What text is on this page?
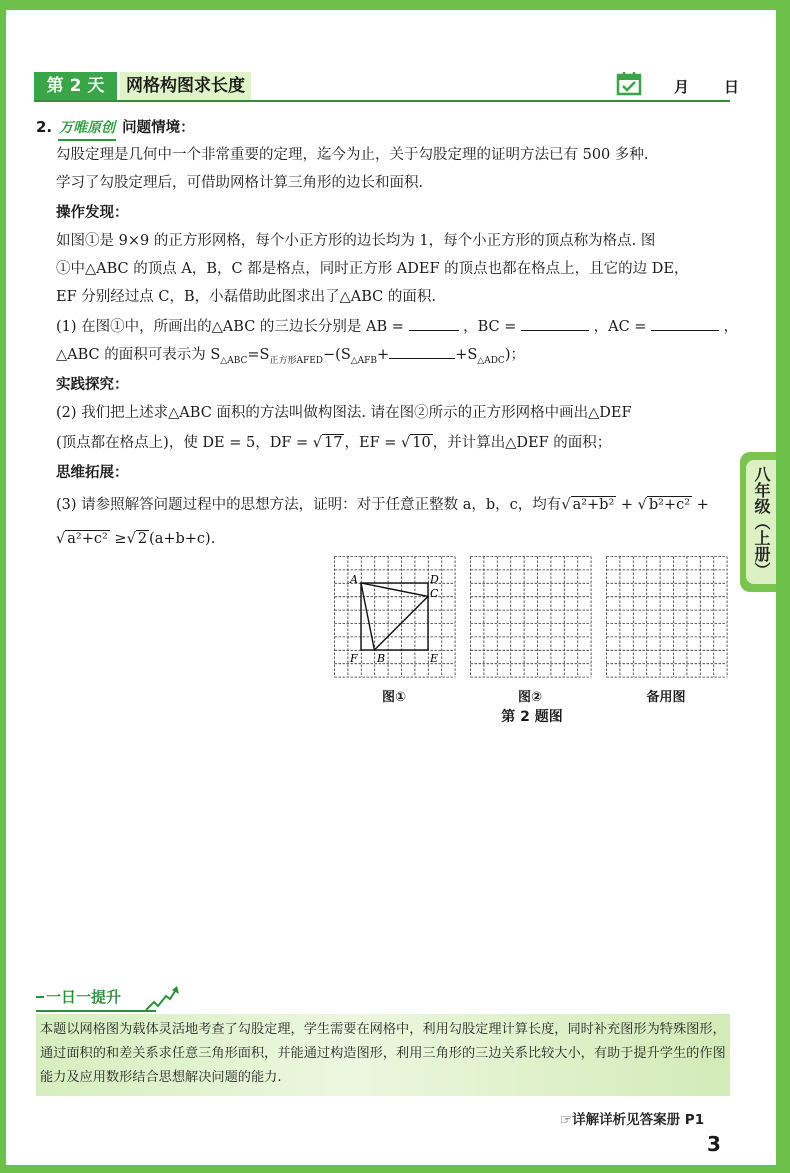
第 2 天	网格构图求长度	月 日
2. 万唯原创 问题情境：
勾股定理是几何中一个非常重要的定理，迄今为止，关于勾股定理的证明方法已有 500 多种.
学习了勾股定理后，可借助网格计算三角形的边长和面积.
操作发现：
如图①是 9×9 的正方形网格，每个小正方形的边长均为 1，每个小正方形的顶点称为格点. 图
①中△ABC 的顶点 A，B，C 都是格点，同时正方形 ADEF 的顶点也都在格点上，且它的边 DE，
EF 分别经过点 C，B，小磊借助此图求出了△ABC 的面积.
(1) 在图①中，所画出的△ABC 的三边长分别是 AB =	，BC =	，AC =	，
△ABC 的面积可表示为 $S_{\triangle ABC}=S_{正方形AFED}-(S_{\triangle AFB}+$	$+S_{\triangle ADC}$)；
实践探究：
(2) 我们把上述求△ABC 面积的方法叫做构图法. 请在图②所示的正方形网格中画出△DEF
(顶点都在格点上)，使 DE = 5，DF = √ 17 ，EF = √ 10 ，并计算出△DEF 的面积；
思维拓展：
(3) 请参照解答问题过程中的思想方法，证明：对于任意正整数 a，b，c，均有√ a²+b² + √ b²+c² +
√ a²+c² ≥√ 2 (a+b+c).
A	D
C
F B	E
图①	图②	备用图
第 2 题图
八年级（上册）
一日一提升
本题以网格图为载体灵活地考查了勾股定理，学生需要在网格中，利用勾股定理计算长度，同时补充图形为特殊图形，通过面积的和差关系求任意三角形面积，并能通过构造图形，利用三角形的三边关系比较大小，有助于提升学生的作图能力及应用数形结合思想解决问题的能力.
☞详解详析见答案册 P1
3
